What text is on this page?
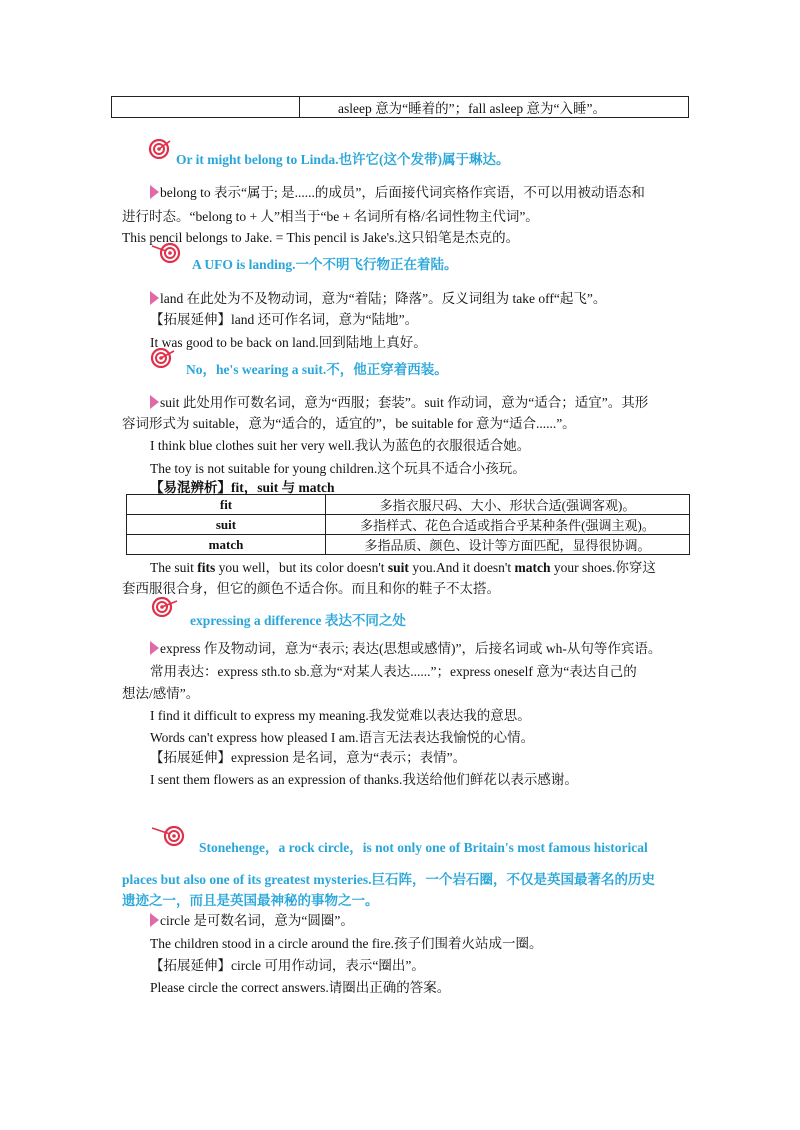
	asleep 意为“睡着的”；fall asleep 意为“入睡”。
Or it might belong to Linda.也许它(这个发带)属于琳达。
belong to 表示“属于; 是......的成员”，后面接代词宾格作宾语，不可以用被动语态和
进行时态。“belong to + 人”相当于“be + 名词所有格/名词性物主代词”。
This pencil belongs to Jake. = This pencil is Jake's.这只铅笔是杰克的。
A UFO is landing.一个不明飞行物正在着陆。
land 在此处为不及物动词，意为“着陆；降落”。反义词组为 take off“起飞”。
【拓展延伸】land 还可作名词，意为“陆地”。
It was good to be back on land.回到陆地上真好。
No，he's wearing a suit.不，他正穿着西装。
suit 此处用作可数名词，意为“西服；套装”。suit 作动词，意为“适合；适宜”。其形
容词形式为 suitable，意为“适合的，适宜的”，be suitable for 意为“适合......”。
I think blue clothes suit her very well.我认为蓝色的衣服很适合她。
The toy is not suitable for young children.这个玩具不适合小孩玩。
【易混辨析】fit，suit 与 match
fit	多指衣服尺码、大小、形状合适(强调客观)。
suit	多指样式、花色合适或指合乎某种条件(强调主观)。
match	多指品质、颜色、设计等方面匹配，显得很协调。
The suit fits you well，but its color doesn't suit you.And it doesn't match your shoes.你穿这
套西服很合身，但它的颜色不适合你。而且和你的鞋子不太搭。
expressing a difference 表达不同之处
express 作及物动词，意为“表示; 表达(思想或感情)”，后接名词或 wh-从句等作宾语。
常用表达：express sth.to sb.意为“对某人表达......”；express oneself 意为“表达自己的
想法/感情”。
I find it difficult to express my meaning.我发觉难以表达我的意思。
Words can't express how pleased I am.语言无法表达我愉悦的心情。
【拓展延伸】expression 是名词，意为“表示；表情”。
I sent them flowers as an expression of thanks.我送给他们鲜花以表示感谢。
Stonehenge，a rock circle，is not only one of Britain's most famous historical
places but also one of its greatest mysteries.巨石阵，一个岩石圈，不仅是英国最著名的历史
遗迹之一，而且是英国最神秘的事物之一。
circle 是可数名词，意为“圆圈”。
The children stood in a circle around the fire.孩子们围着火站成一圈。
【拓展延伸】circle 可用作动词，表示“圈出”。
Please circle the correct answers.请圈出正确的答案。
